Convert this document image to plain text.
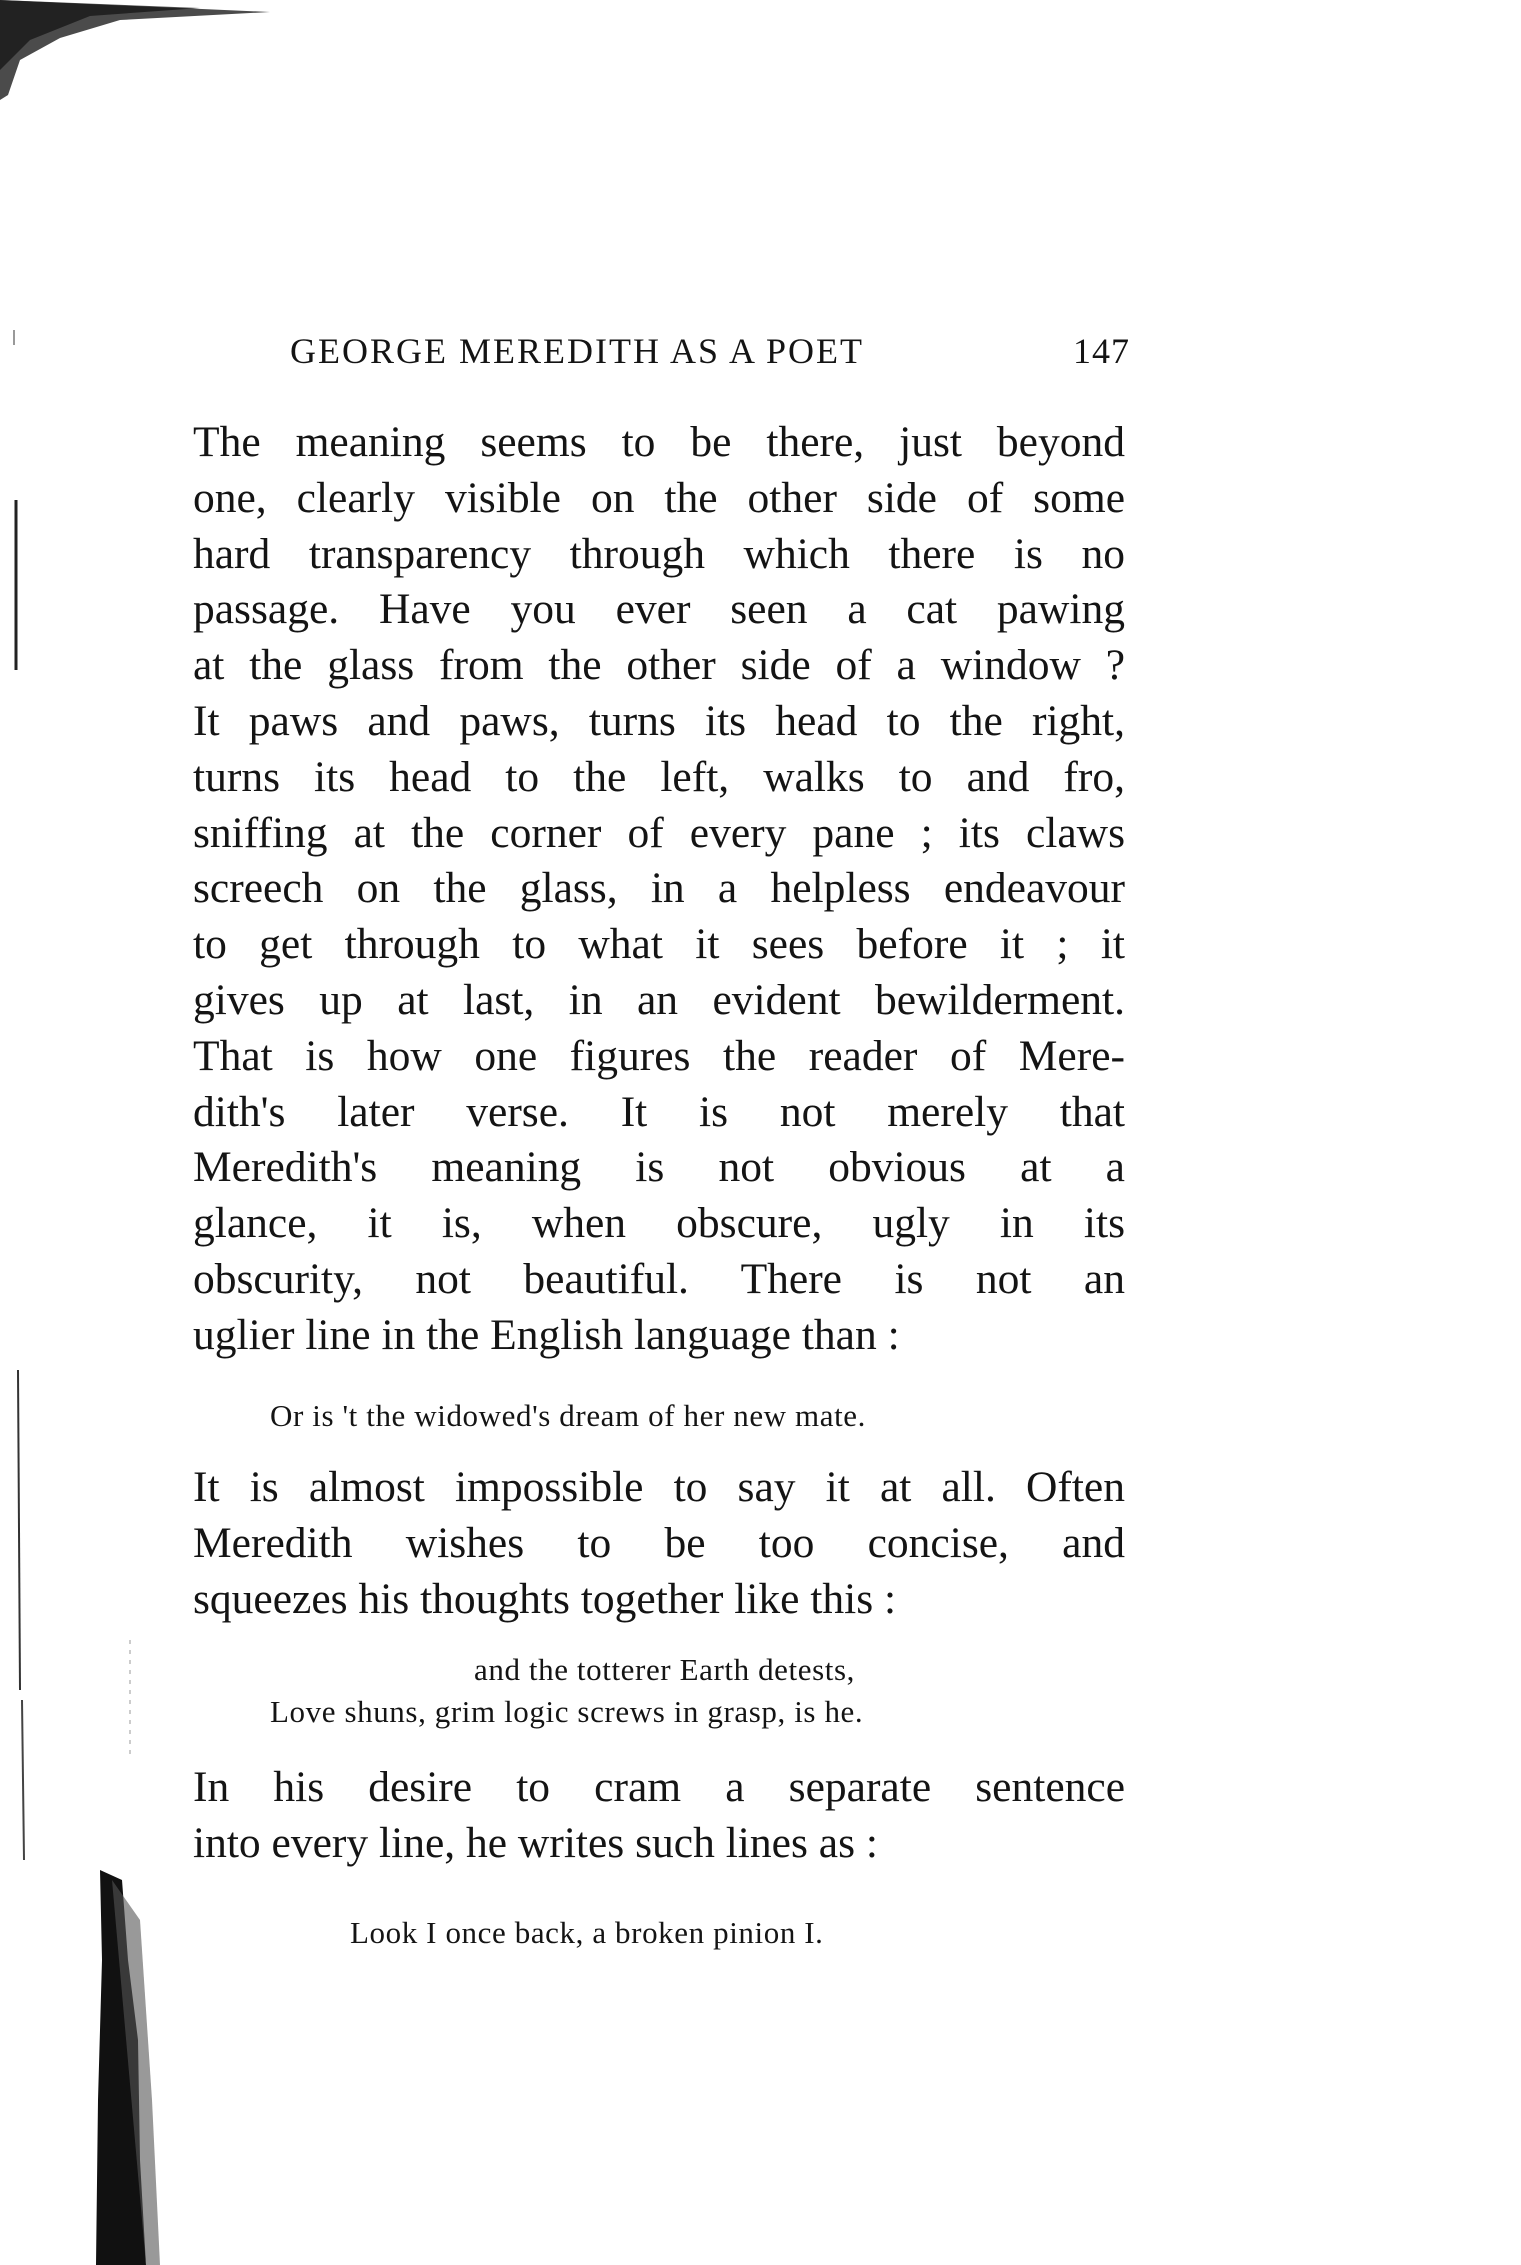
GEORGE MEREDITH AS A POET	147
The meaning seems to be there, just beyond
one, clearly visible on the other side of some
hard transparency through which there is no
passage. Have you ever seen a cat pawing
at the glass from the other side of a window ?
It paws and paws, turns its head to the right,
turns its head to the left, walks to and fro,
sniffing at the corner of every pane ; its claws
screech on the glass, in a helpless endeavour
to get through to what it sees before it ; it
gives up at last, in an evident bewilderment.
That is how one figures the reader of Mere-
dith's later verse. It is not merely that
Meredith's meaning is not obvious at a
glance, it is, when obscure, ugly in its
obscurity, not beautiful. There is not an
uglier line in the English language than :
Or is 't the widowed's dream of her new mate.
It is almost impossible to say it at all. Often
Meredith wishes to be too concise, and
squeezes his thoughts together like this :
and the totterer Earth detests,
Love shuns, grim logic screws in grasp, is he.
In his desire to cram a separate sentence
into every line, he writes such lines as :
Look I once back, a broken pinion I.
